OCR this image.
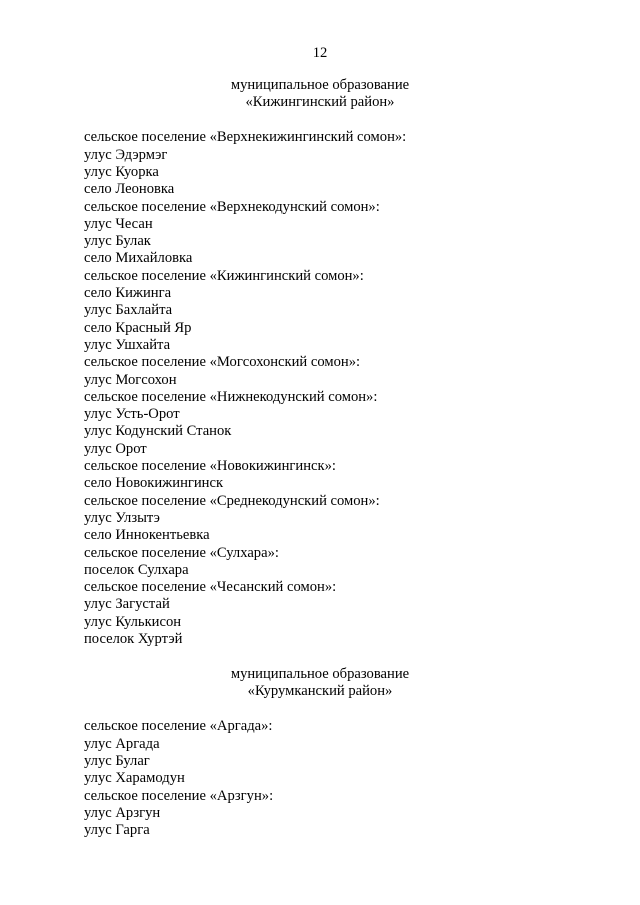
12
муниципальное образование
«Кижингинский район»
сельское поселение «Верхнекижингинский сомон»:
улус Эдэрмэг
улус Куорка
село Леоновка
сельское поселение «Верхнекодунский сомон»:
улус Чесан
улус Булак
село Михайловка
сельское поселение «Кижингинский сомон»:
село Кижинга
улус Бахлайта
село Красный Яр
улус Ушхайта
сельское поселение «Могсохонский сомон»:
улус Могсохон
сельское поселение «Нижнекодунский сомон»:
улус Усть-Орот
улус Кодунский Станок
улус Орот
сельское поселение «Новокижингинск»:
село Новокижингинск
сельское поселение «Среднекодунский сомон»:
улус Улзытэ
село Иннокентьевка
сельское поселение «Сулхара»:
поселок Сулхара
сельское поселение «Чесанский сомон»:
улус Загустай
улус Кулькисон
поселок Хуртэй
муниципальное образование
«Курумканский район»
сельское поселение «Аргада»:
улус Аргада
улус Булаг
улус Харамодун
сельское поселение «Арзгун»:
улус Арзгун
улус Гарга
